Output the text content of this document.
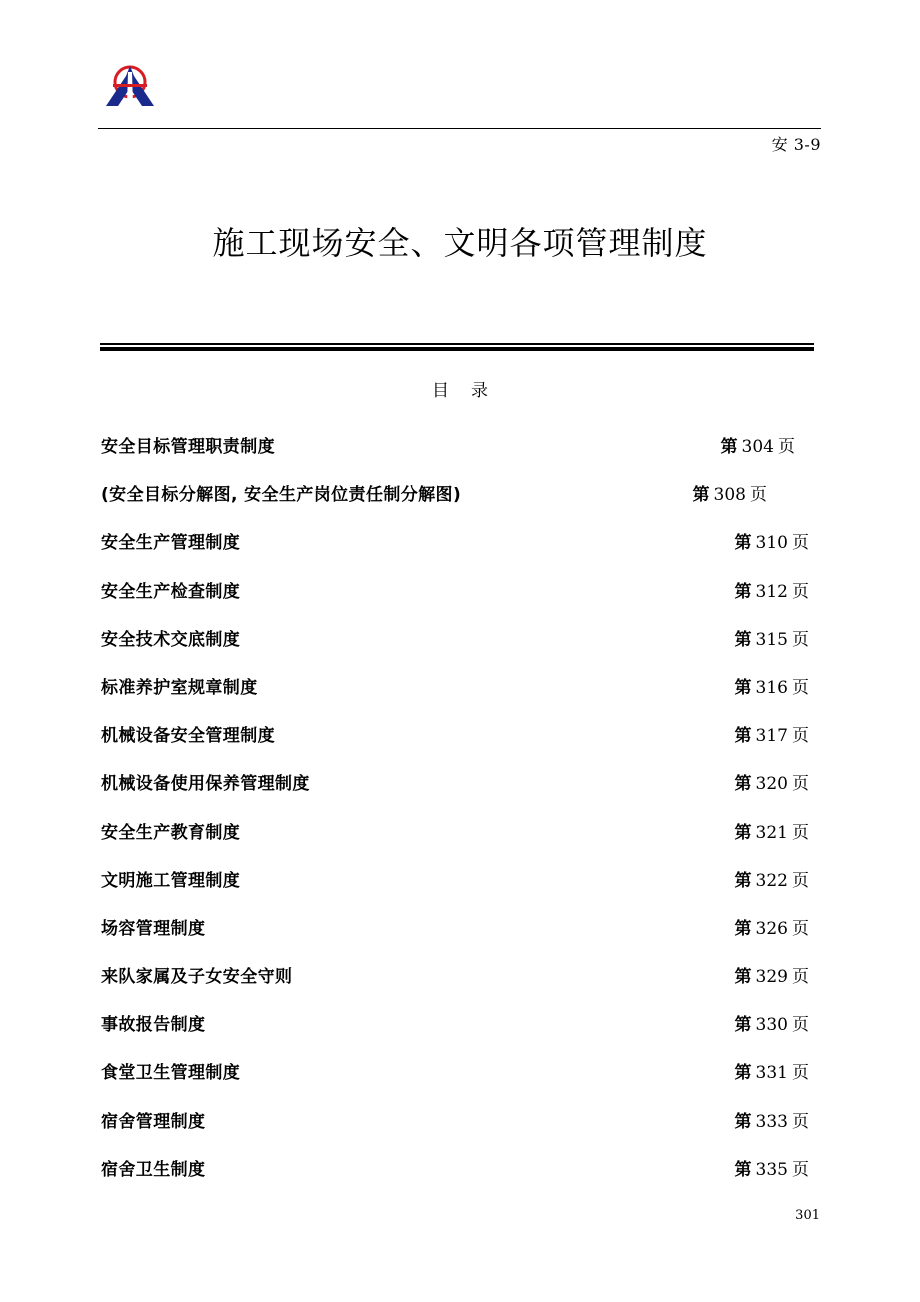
安 3-9
施工现场安全、文明各项管理制度
目录
安全目标管理职责制度	第 304 页
(安全目标分解图, 安全生产岗位责任制分解图)	第 308 页
安全生产管理制度	第 310 页
安全生产检查制度	第 312 页
安全技术交底制度	第 315 页
标准养护室规章制度	第 316 页
机械设备安全管理制度	第 317 页
机械设备使用保养管理制度	第 320 页
安全生产教育制度	第 321 页
文明施工管理制度	第 322 页
场容管理制度	第 326 页
来队家属及子女安全守则	第 329 页
事故报告制度	第 330 页
食堂卫生管理制度	第 331 页
宿舍管理制度	第 333 页
宿舍卫生制度	第 335 页
301
